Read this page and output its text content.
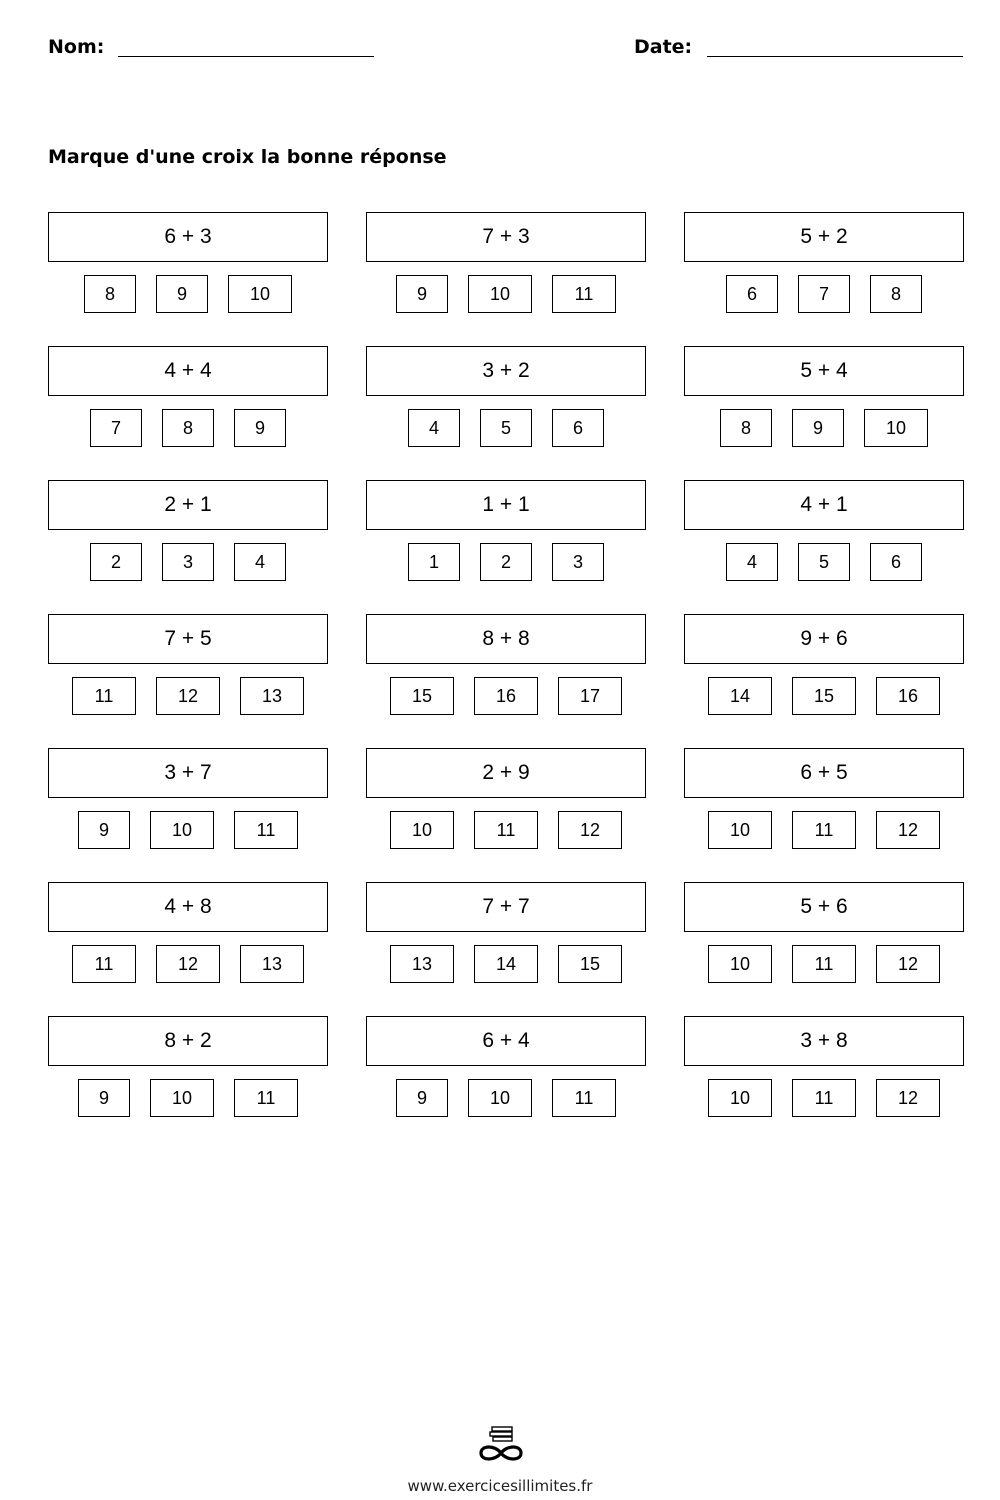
Nom:	Date:
Marque d'une croix la bonne réponse
6 + 3
8	9	10
7 + 3
9	10	11
5 + 2
6	7	8
4 + 4
7	8	9
3 + 2
4	5	6
5 + 4
8	9	10
2 + 1
2	3	4
1 + 1
1	2	3
4 + 1
4	5	6
7 + 5
11	12	13
8 + 8
15	16	17
9 + 6
14	15	16
3 + 7
9	10	11
2 + 9
10	11	12
6 + 5
10	11	12
4 + 8
11	12	13
7 + 7
13	14	15
5 + 6
10	11	12
8 + 2
9	10	11
6 + 4
9	10	11
3 + 8
10	11	12
www.exercicesillimites.fr
